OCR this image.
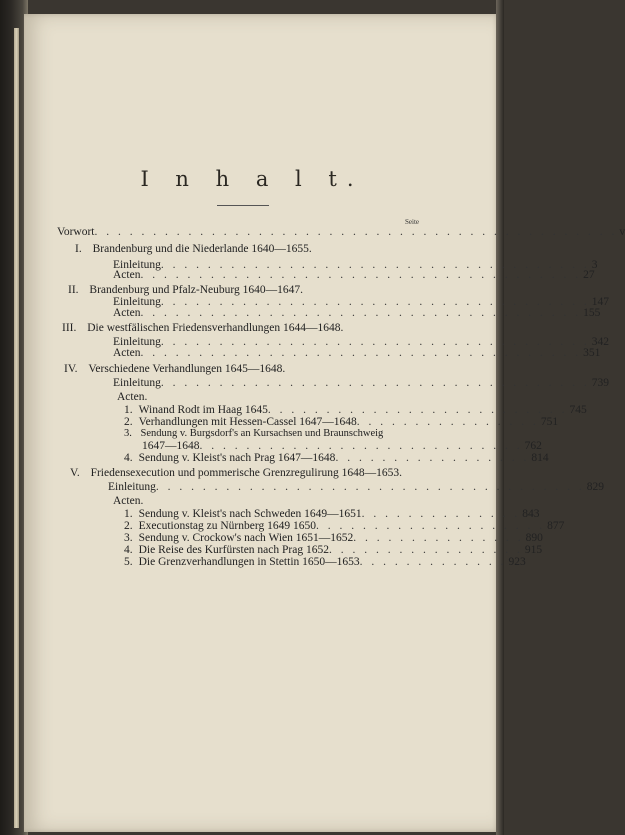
I n h a l t.
Seite
Vorwort . . . . . . . . . . . . . . . . . . . . . . . . . . . . . . . . . . . . . . . . . . . . . v
I. Brandenburg und die Niederlande 1640—1655.
Einleitung . . . . . . . . . . . . . . . . . . . . . . . . . . . . . . . . . . . . . 3
Acten . . . . . . . . . . . . . . . . . . . . . . . . . . . . . . . . . . . . . . 27
II. Brandenburg und Pfalz-Neuburg 1640—1647.
Einleitung . . . . . . . . . . . . . . . . . . . . . . . . . . . . . . . . . . . . . 147
Acten . . . . . . . . . . . . . . . . . . . . . . . . . . . . . . . . . . . . . . 155
III. Die westfälischen Friedensverhandlungen 1644—1648.
Einleitung . . . . . . . . . . . . . . . . . . . . . . . . . . . . . . . . . . . . . 342
Acten . . . . . . . . . . . . . . . . . . . . . . . . . . . . . . . . . . . . . . 351
IV. Verschiedene Verhandlungen 1645—1648.
Einleitung . . . . . . . . . . . . . . . . . . . . . . . . . . . . . . . . . . . . . 739
Acten.
1. Winand Rodt im Haag 1645 . . . . . . . . . . . . . . . . . . . . . . . . . . 745
2. Verhandlungen mit Hessen-Cassel 1647—1648 . . . . . . . . . . . . . . . . 751
3. Sendung v. Burgsdorf's an Kursachsen und Braunschweig
1647—1648 . . . . . . . . . . . . . . . . . . . . . . . . . . . . 762
4. Sendung v. Kleist's nach Prag 1647—1648 . . . . . . . . . . . . . . . . . 814
V. Friedensexecution und pommerische Grenzregulirung 1648—1653.
Einleitung . . . . . . . . . . . . . . . . . . . . . . . . . . . . . . . . . . . . . 829
Acten.
1. Sendung v. Kleist's nach Schweden 1649—1651 . . . . . . . . . . . . . . 843
2. Executionstag zu Nürnberg 1649 1650 . . . . . . . . . . . . . . . . . . . . 877
3. Sendung v. Crockow's nach Wien 1651—1652 . . . . . . . . . . . . . . . 890
4. Die Reise des Kurfürsten nach Prag 1652 . . . . . . . . . . . . . . . . . 915
5. Die Grenzverhandlungen in Stettin 1650—1653 . . . . . . . . . . . . . 923
